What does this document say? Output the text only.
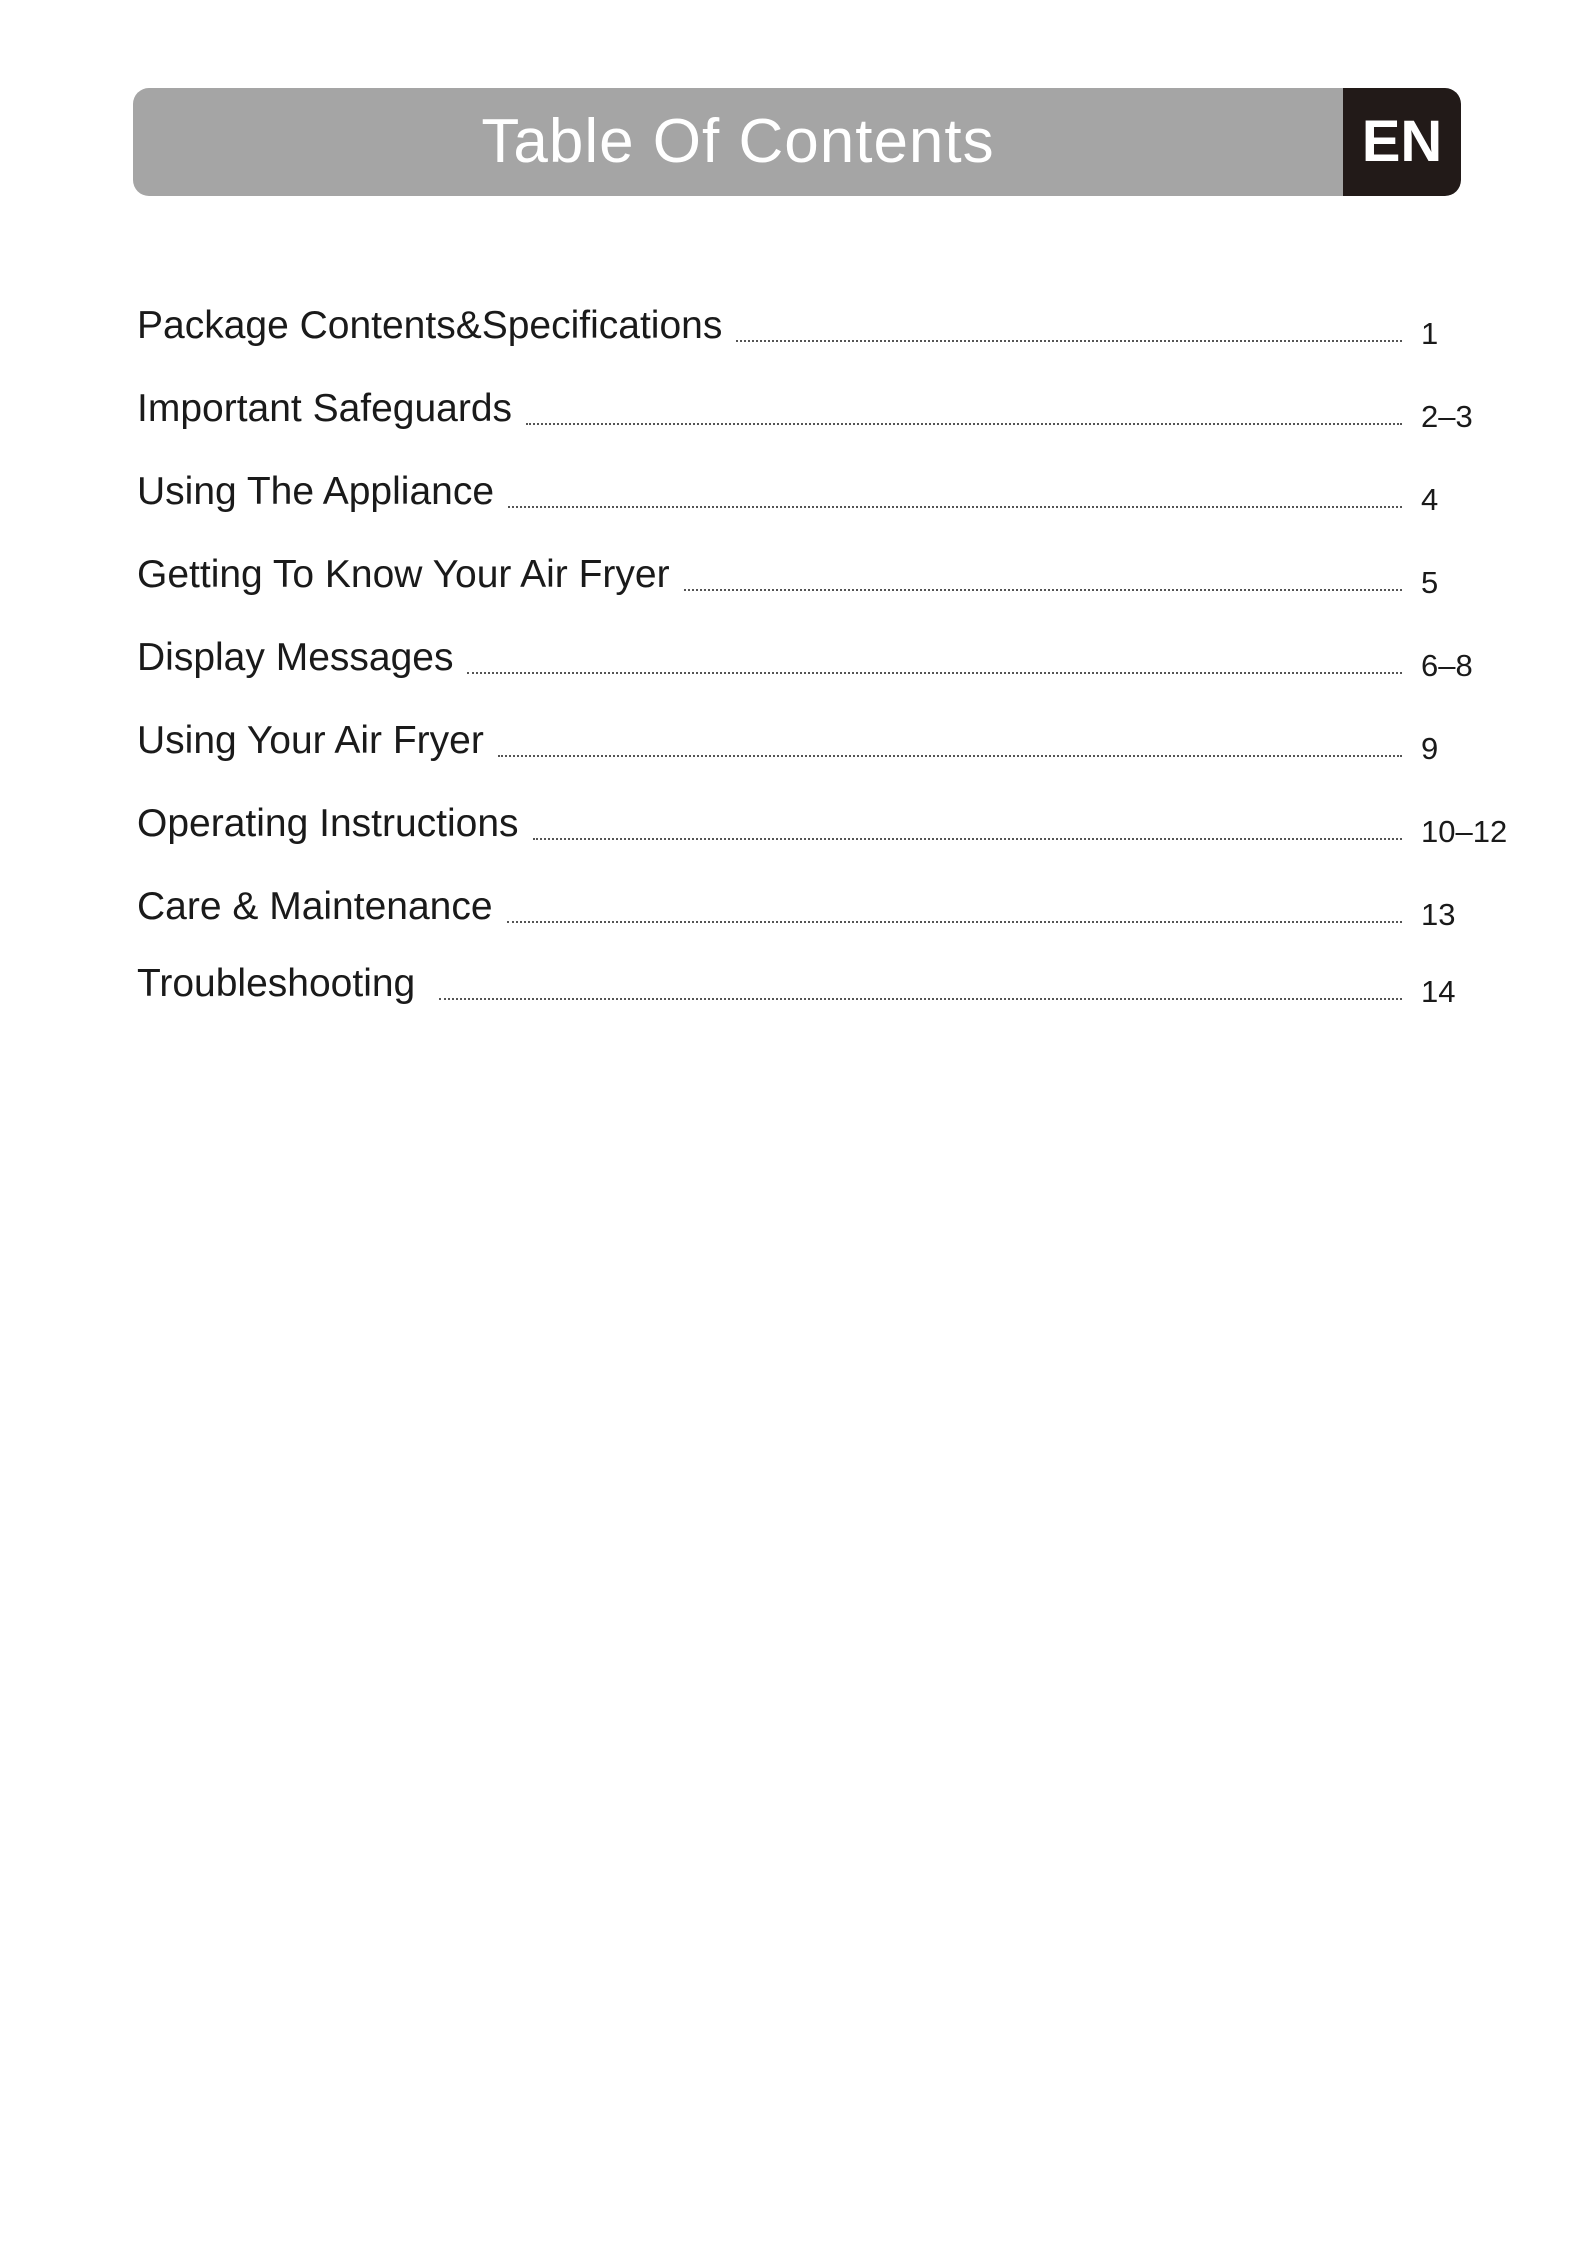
Table Of Contents	EN
Package Contents&Specifications	1
Important Safeguards	2–3
Using The Appliance	4
Getting To Know Your Air Fryer	5
Display Messages	6–8
Using Your Air Fryer	9
Operating Instructions	10–12
Care & Maintenance	13
Troubleshooting	14
